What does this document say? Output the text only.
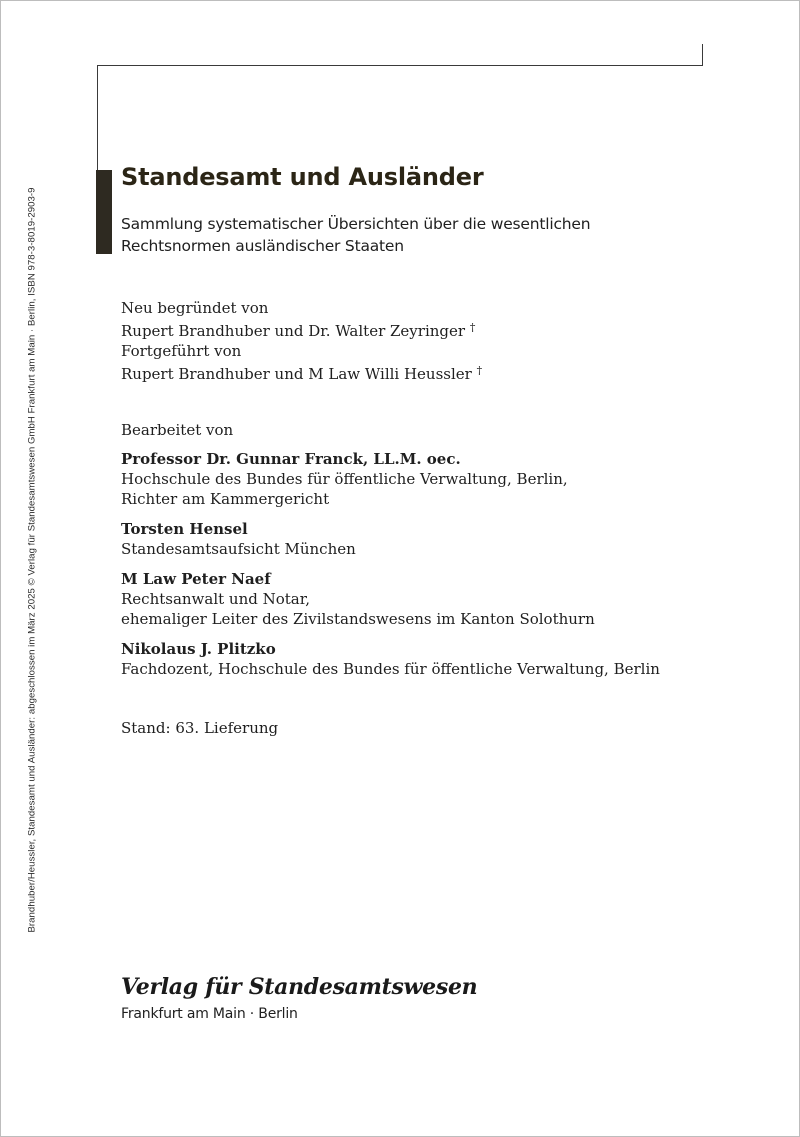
Brandhuber/Heussler, Standesamt und Ausländer: abgeschlossen im März 2025 © Verlag für Standesamtswesen GmbH Frankfurt am Main · Berlin, ISBN 978-3-8019-2903-9
Standesamt und Ausländer

Sammlung systematischer Übersichten über die wesentlichen Rechtsnormen ausländischer Staaten

Neu begründet von
Rupert Brandhuber und Dr. Walter Zeyringer †
Fortgeführt von
Rupert Brandhuber und M Law Willi Heussler †
Bearbeitet von
Professor Dr. Gunnar Franck, LL.M. oec.
Hochschule des Bundes für öffentliche Verwaltung, Berlin,
Richter am Kammergericht
Torsten Hensel
Standesamtsaufsicht München
M Law Peter Naef
Rechtsanwalt und Notar,
ehemaliger Leiter des Zivilstandswesens im Kanton Solothurn
Nikolaus J. Plitzko
Fachdozent, Hochschule des Bundes für öffentliche Verwaltung, Berlin
Stand: 63. Lieferung
Verlag für Standesamtswesen
Frankfurt am Main · Berlin
